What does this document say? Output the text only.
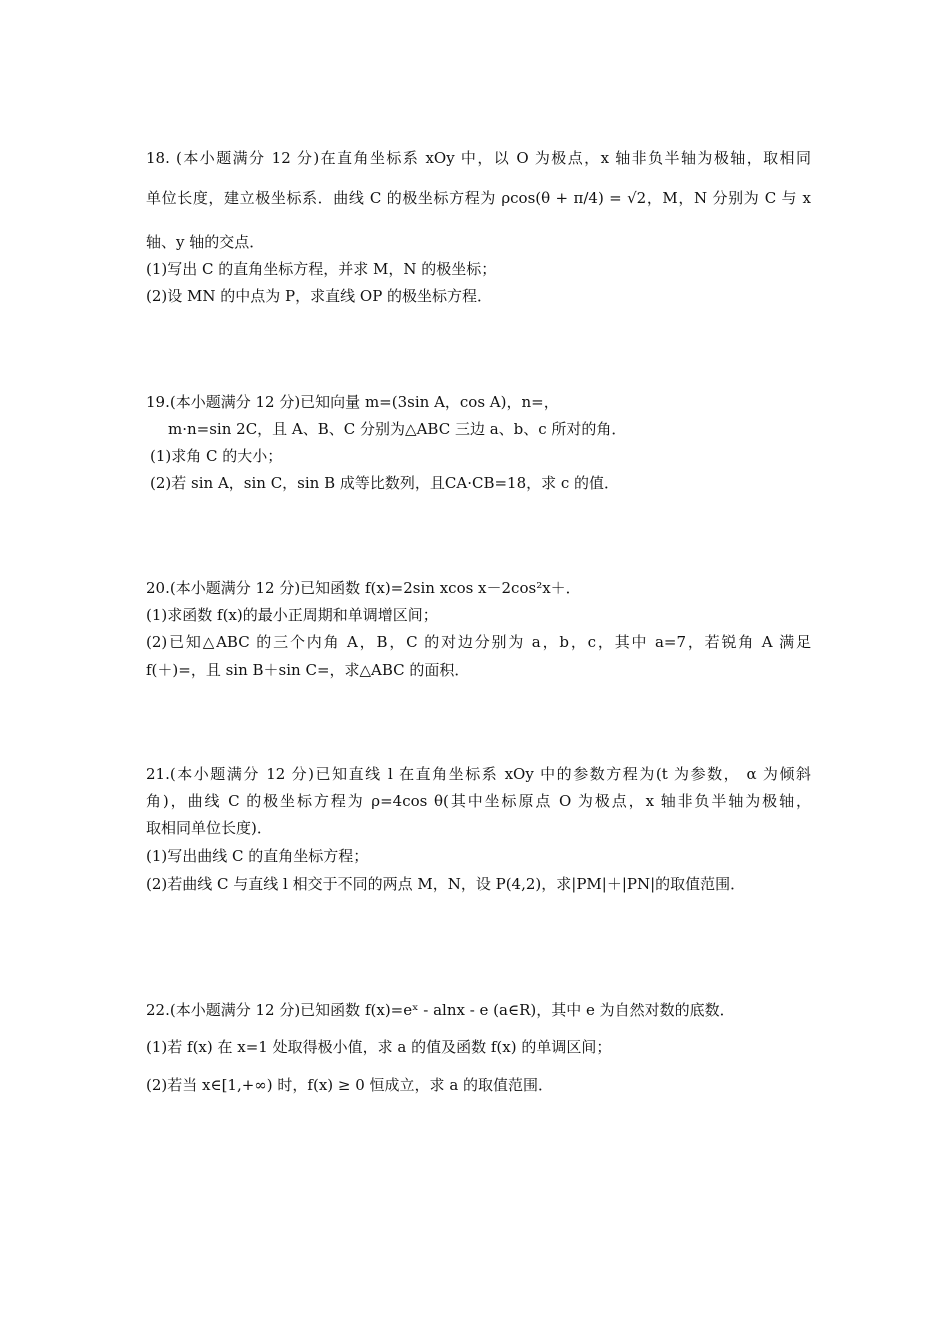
18. (本小题满分 12 分)在直角坐标系 xOy 中，以 O 为极点，x 轴非负半轴为极轴，取相同
单位长度，建立极坐标系．曲线 C 的极坐标方程为 ρcos(θ + π/4) = √2，M，N 分别为 C 与 x
轴、y 轴的交点．
(1)写出 C 的直角坐标方程，并求 M，N 的极坐标；
(2)设 MN 的中点为 P，求直线 OP 的极坐标方程．
19.(本小题满分 12 分)已知向量 m=(3sin A，cos A)，n=，
m·n=sin 2C，且 A、B、C 分别为△ABC 三边 a、b、c 所对的角．
(1)求角 C 的大小；
(2)若 sin A，sin C，sin B 成等比数列，且CA·CB=18，求 c 的值．
20.(本小题满分 12 分)已知函数 f(x)=2sin xcos x－2cos²x＋．
(1)求函数 f(x)的最小正周期和单调增区间；
(2)已知△ABC 的三个内角 A，B，C 的对边分别为 a，b，c，其中 a=7，若锐角 A 满足
f(＋)=，且 sin B＋sin C=，求△ABC 的面积．
21.(本小题满分 12 分)已知直线 l 在直角坐标系 xOy 中的参数方程为(t 为参数， α 为倾斜
角)，曲线 C 的极坐标方程为 ρ=4cos θ(其中坐标原点 O 为极点，x 轴非负半轴为极轴，
取相同单位长度)．
(1)写出曲线 C 的直角坐标方程；
(2)若曲线 C 与直线 l 相交于不同的两点 M，N，设 P(4,2)，求|PM|＋|PN|的取值范围．
22.(本小题满分 12 分)已知函数 f(x)=eˣ - alnx - e (a∈R)，其中 e 为自然对数的底数．
(1)若 f(x) 在 x=1 处取得极小值，求 a 的值及函数 f(x) 的单调区间；
(2)若当 x∈[1,+∞) 时，f(x) ≥ 0 恒成立，求 a 的取值范围．
